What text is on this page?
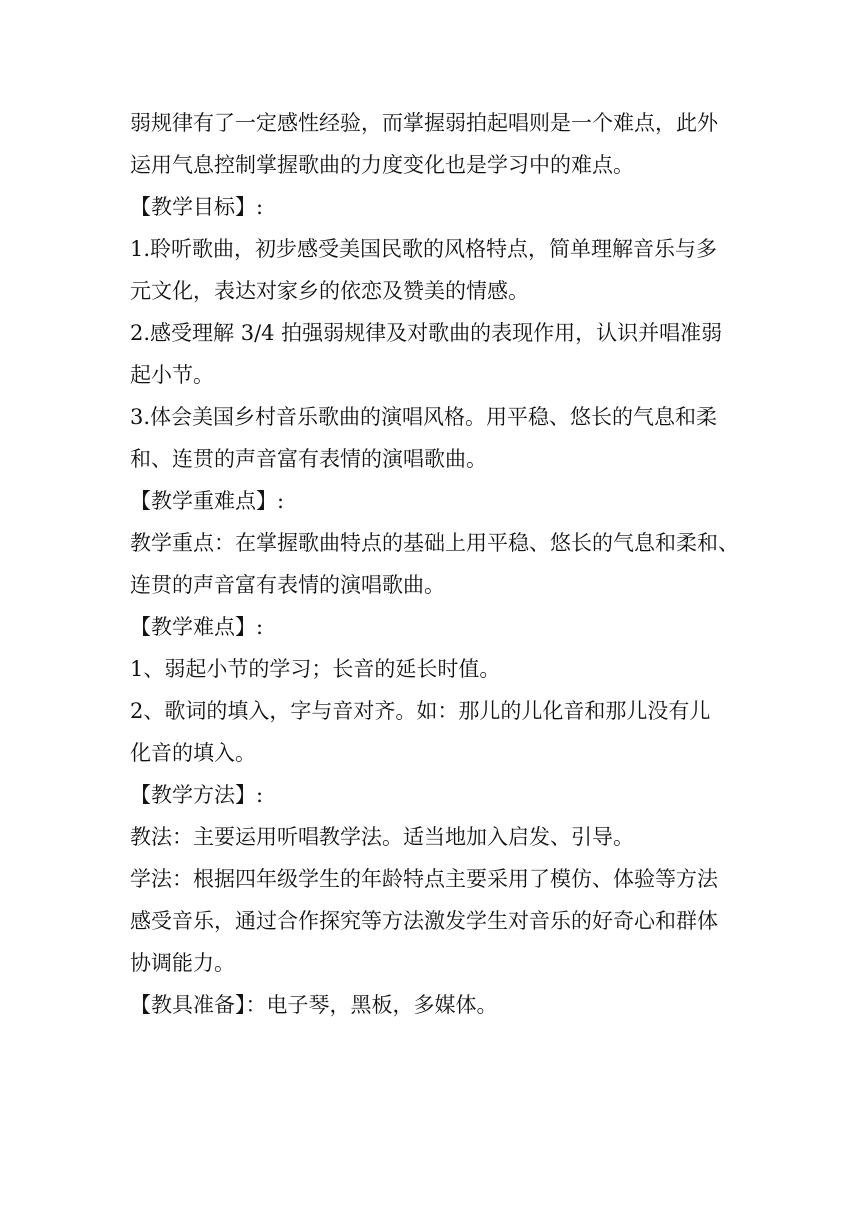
弱规律有了一定感性经验，而掌握弱拍起唱则是一个难点，此外
运用气息控制掌握歌曲的力度变化也是学习中的难点。
【教学目标】:
1.聆听歌曲，初步感受美国民歌的风格特点，简单理解音乐与多
元文化，表达对家乡的依恋及赞美的情感。
2.感受理解 3/4 拍强弱规律及对歌曲的表现作用，认识并唱准弱
起小节。
3.体会美国乡村音乐歌曲的演唱风格。用平稳、悠长的气息和柔
和、连贯的声音富有表情的演唱歌曲。
【教学重难点】:
教学重点：在掌握歌曲特点的基础上用平稳、悠长的气息和柔和、
连贯的声音富有表情的演唱歌曲。
【教学难点】:
1、弱起小节的学习；长音的延长时值。
2、歌词的填入，字与音对齐。如：那儿的儿化音和那儿没有儿
化音的填入。
【教学方法】:
教法：主要运用听唱教学法。适当地加入启发、引导。
学法：根据四年级学生的年龄特点主要采用了模仿、体验等方法
感受音乐，通过合作探究等方法激发学生对音乐的好奇心和群体
协调能力。
【教具准备】：电子琴，黑板，多媒体。
